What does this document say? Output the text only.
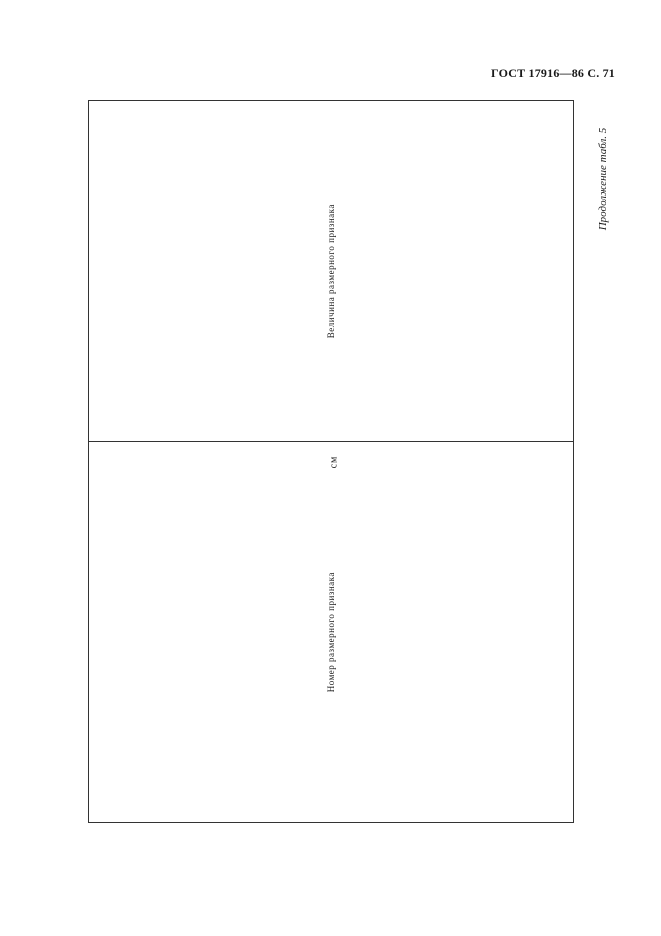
ГОСТ 17916—86 С. 71
Продолжение табл. 5
см
Номер размерного признака	Величина размерного признака
